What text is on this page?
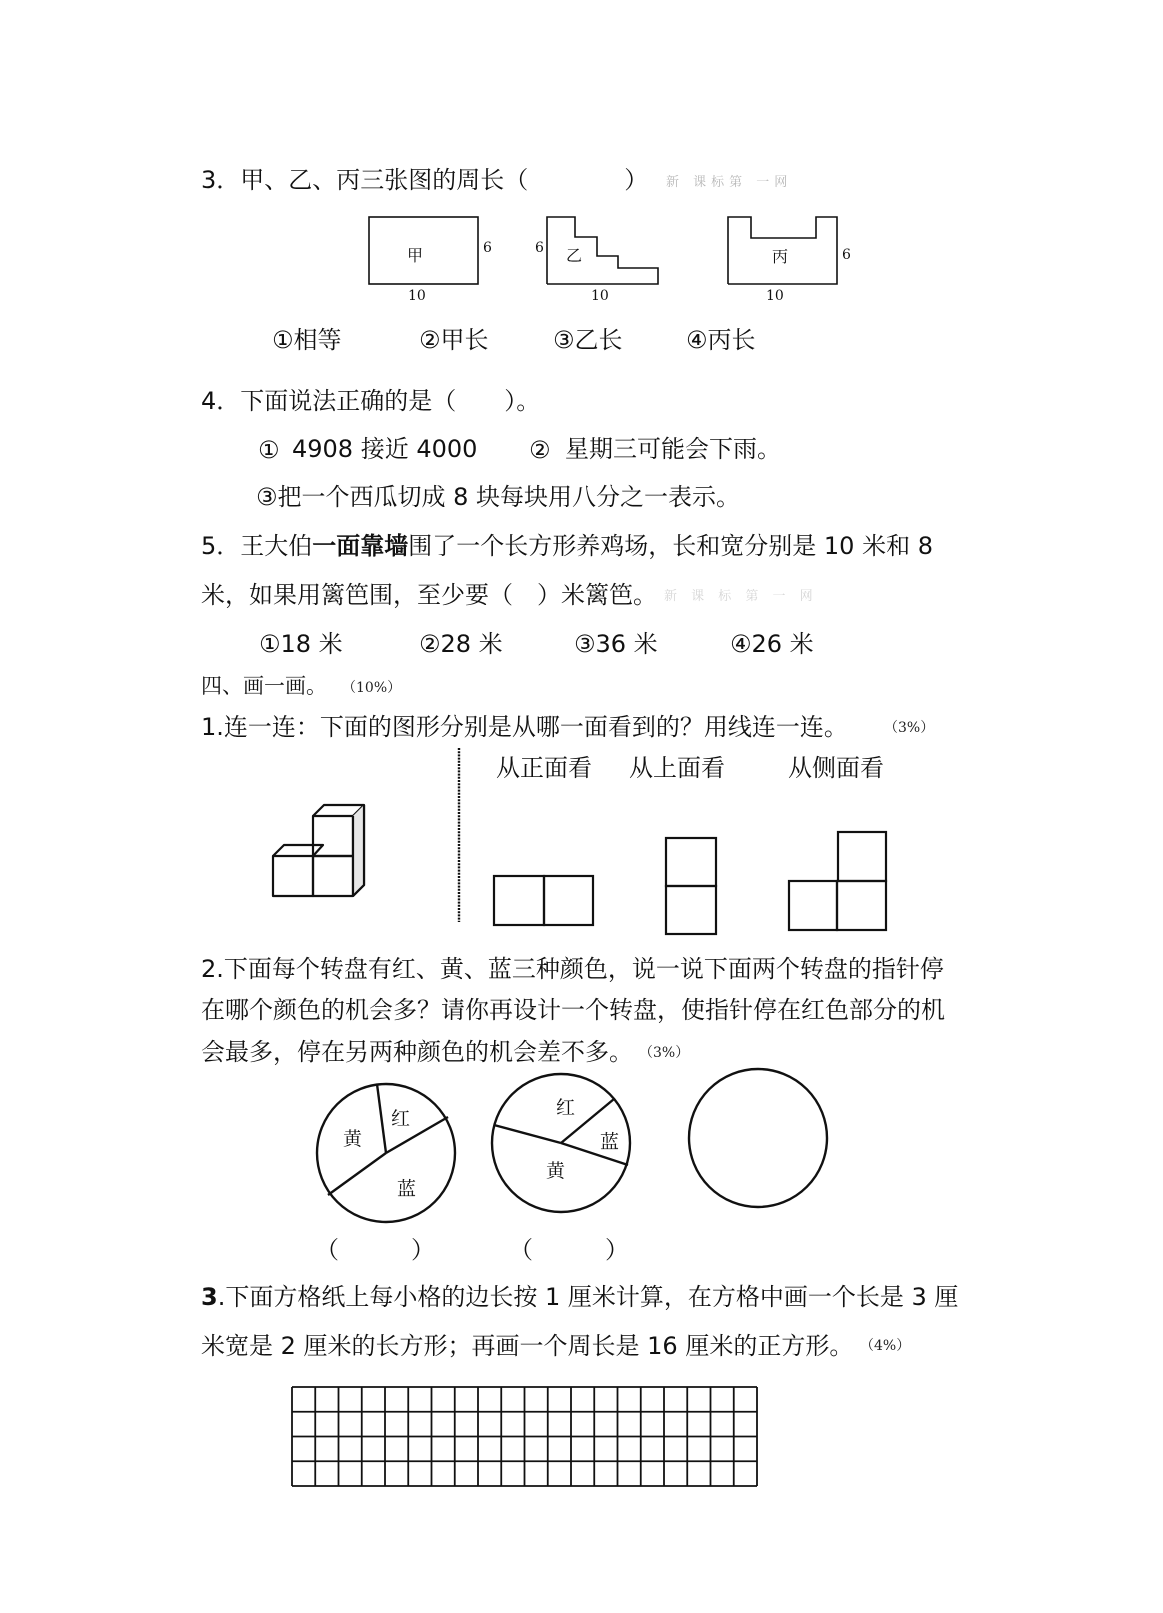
新 课标第 一网
新 课 标 第 一 网
3．甲、乙、丙三张图的周长（　　　　）
甲	6
10
乙
6
10
丙	6
10
①相等	②甲长	③乙长	④丙长
4．下面说法正确的是（　　）。
① 4908 接近 4000 ② 星期三可能会下雨。
③把一个西瓜切成 8 块每块用八分之一表示。
5．王大伯一面靠墙围了一个长方形养鸡场，长和宽分别是 10 米和 8
米，如果用篱笆围，至少要（　）米篱笆。
①18 米	②28 米	③36 米	④26 米
四、画一画。 （10%）
1.连一连：下面的图形分别是从哪一面看到的？用线连一连。	（3%）
从正面看 从上面看	从侧面看
2.下面每个转盘有红、黄、蓝三种颜色，说一说下面两个转盘的指针停
在哪个颜色的机会多？请你再设计一个转盘，使指针停在红色部分的机
会最多，停在另两种颜色的机会差不多。 （3%）
黄
红
蓝
红
蓝
黄
（　　　）	（　　　）
3.下面方格纸上每小格的边长按 1 厘米计算，在方格中画一个长是 3 厘
米宽是 2 厘米的长方形；再画一个周长是 16 厘米的正方形。 （4%）
